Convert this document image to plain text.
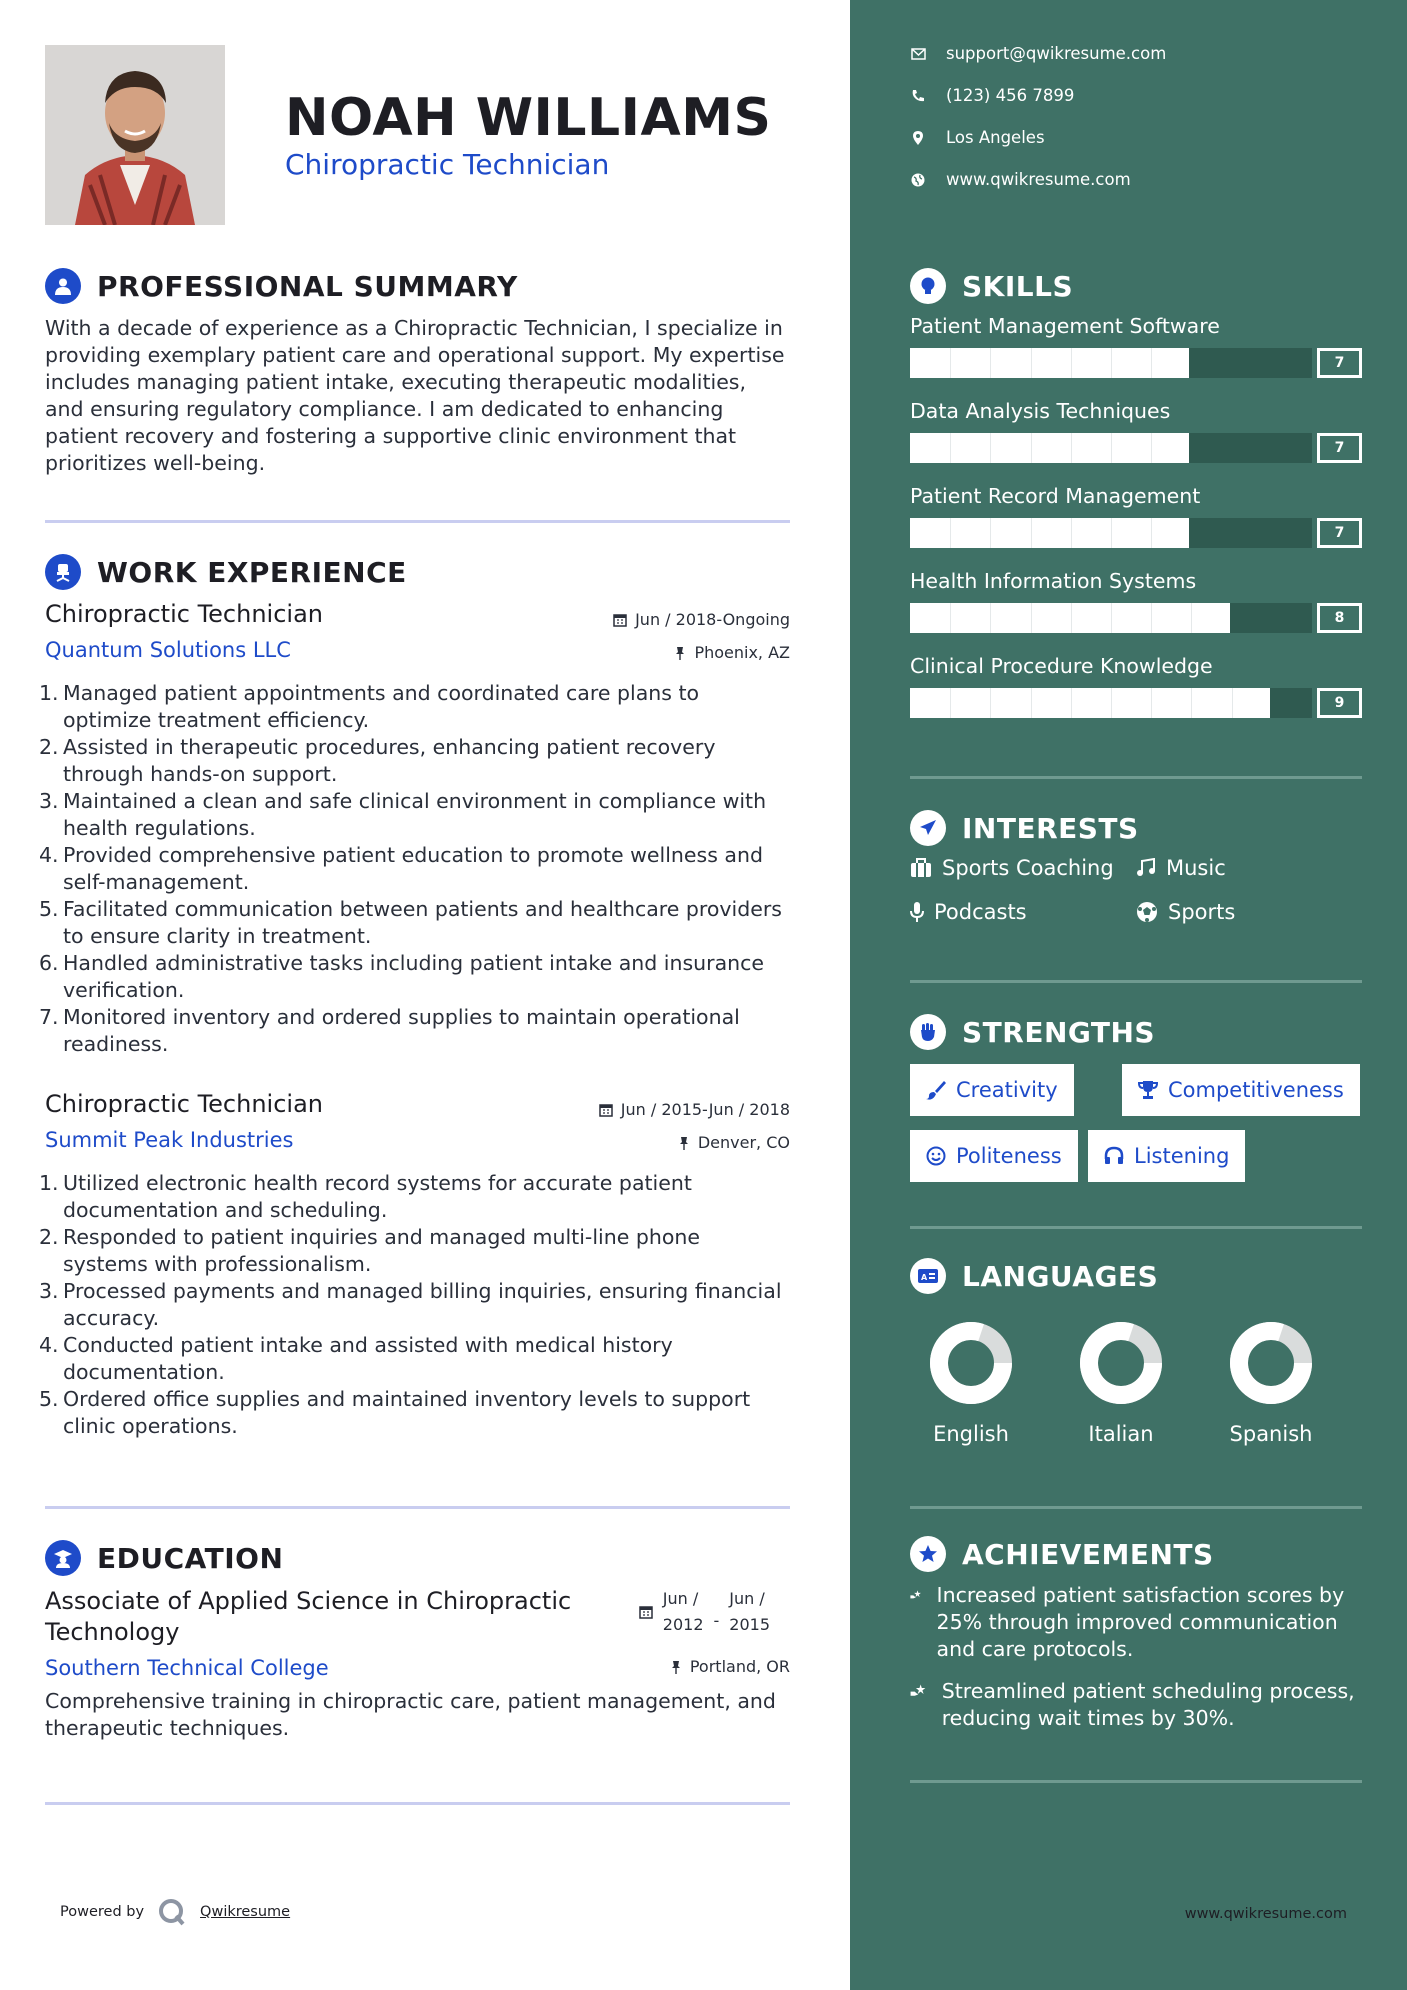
NOAH WILLIAMS
Chiropractic Technician
PROFESSIONAL SUMMARY
With a decade of experience as a Chiropractic Technician, I specialize in providing exemplary patient care and operational support. My expertise includes managing patient intake, executing therapeutic modalities, and ensuring regulatory compliance. I am dedicated to enhancing patient recovery and fostering a supportive clinic environment that prioritizes well-being.
WORK EXPERIENCE
Jun / 2018-Ongoing
Phoenix, AZ
Chiropractic Technician
Quantum Solutions LLC
1. Managed patient appointments and coordinated care plans to optimize treatment efficiency.
2. Assisted in therapeutic procedures, enhancing patient recovery through hands-on support.
3. Maintained a clean and safe clinical environment in compliance with health regulations.
4. Provided comprehensive patient education to promote wellness and self-management.
5. Facilitated communication between patients and healthcare providers to ensure clarity in treatment.
6. Handled administrative tasks including patient intake and insurance verification.
7. Monitored inventory and ordered supplies to maintain operational readiness.
Jun / 2015-Jun / 2018
Denver, CO
Chiropractic Technician
Summit Peak Industries
1. Utilized electronic health record systems for accurate patient documentation and scheduling.
2. Responded to patient inquiries and managed multi-line phone systems with professionalism.
3. Processed payments and managed billing inquiries, ensuring financial accuracy.
4. Conducted patient intake and assisted with medical history documentation.
5. Ordered office supplies and maintained inventory levels to support clinic operations.
EDUCATION
Associate of Applied Science in Chiropractic Technology
Jun /
2012 -
Jun /
2015
Portland, OR
Southern Technical College
Comprehensive training in chiropractic care, patient management, and therapeutic techniques.
Powered by	Qwikresume
support@qwikresume.com
(123) 456 7899
Los Angeles
www.qwikresume.com
SKILLS
Patient Management Software
7
Data Analysis Techniques
7
Patient Record Management
7
Health Information Systems
8
Clinical Procedure Knowledge
9
INTERESTS
Sports Coaching Music
Podcasts	Sports
STRENGTHS
Creativity	Competitiveness
Politeness	Listening
A LANGUAGES
English	Italian	Spanish
ACHIEVEMENTS
Increased patient satisfaction scores by 25% through improved communication and care protocols.
Streamlined patient scheduling process, reducing wait times by 30%.
www.qwikresume.com
